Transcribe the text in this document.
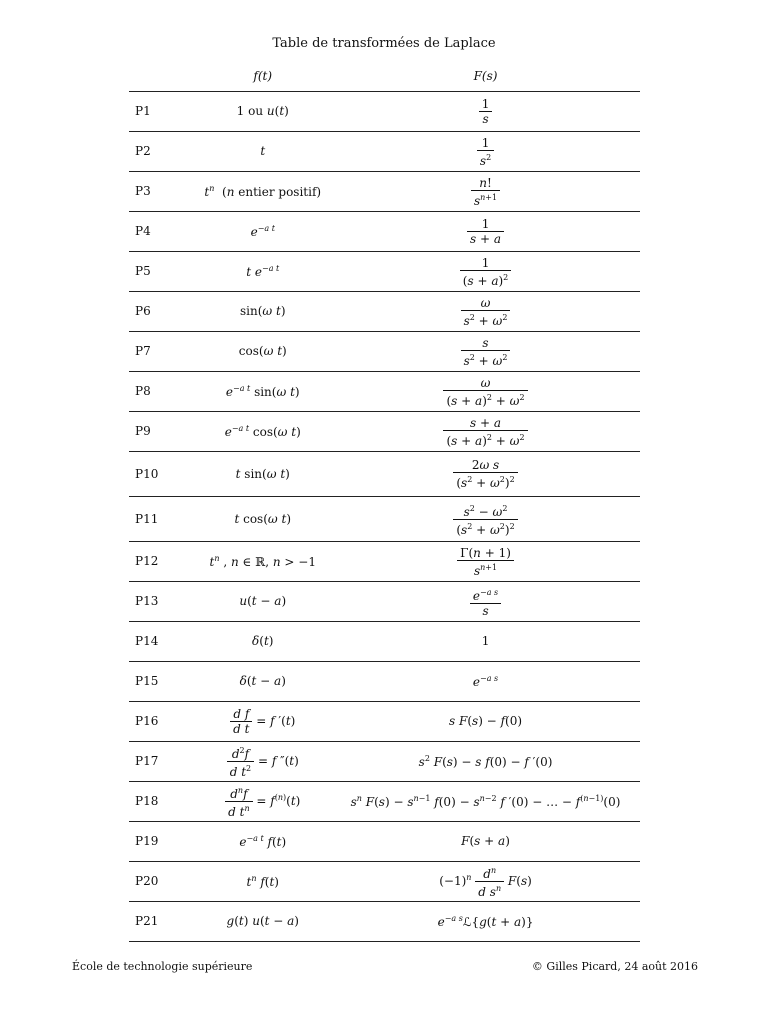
Table de transformées de Laplace
	f(t)	F(s)
P1	1 ou u(t)	$\frac{1}{s}$

P2	t	$\frac{1}{s^2}$

P3	$t^n$  (n entier positif)	$\frac{n!}{s^{n+1}}$

P4	$e^{-a t}$	$\frac{1}{s + a}$

P5	t $e^{-a t}$	$\frac{1}{(s + a)^2}$

P6	sin(ω t)	$\frac{\omega}{s^2 + \omega^2}$

P7	cos(ω t)	$\frac{s}{s^2 + \omega^2}$

P8	$e^{-a t}$ sin(ω t)	$\frac{\omega}{(s + a)^2 + \omega^2}$

P9	$e^{-a t}$ cos(ω t)	$\frac{s + a}{(s + a)^2 + \omega^2}$

P10	t sin(ω t)	$\frac{\text{2ω s}}{(s^2 + \omega^2)^2}$

P11	t cos(ω t)	$\frac{s^2 - \omega^2}{(s^2 + \omega^2)^2}$

P12	$t^n$ , n ∈ ℝ, n > −1	$\frac{\Gamma(n + 1)}{s^{n+1}}$

P13	u(t − a)	$\frac{e^{-a s}}{s}$

P14	δ(t)	1
P15	δ(t − a)	$e^{-a s}$
P16	$\frac{\text{d f}}{\text{d t}} = f$ ′(t)	s F(s) − f(0)
P17	$\frac{d^2f}{d t^2} = f$ ″(t)	$s^2$ F(s) − s f(0) − f ′(0)
P18	$\frac{d^nf}{d t^n} = f^{(n)}(t)$	$s^n$ $F(s) - s^{n-1}$ $f(0) - s^{n-2}$ f ′(0) − … − $f^{(n-1)}(0)$
P19	$e^{-a t}$ f(t)	F(s + a)
P20	$t^n$ f(t)	$(-1)^n \frac{d^n}{d s^n} F(s)$
P21	g(t) u(t − a)	$e^{-a s}ℒ\{g(t + a)\}$
École de technologie supérieure	© Gilles Picard, 24 août 2016
